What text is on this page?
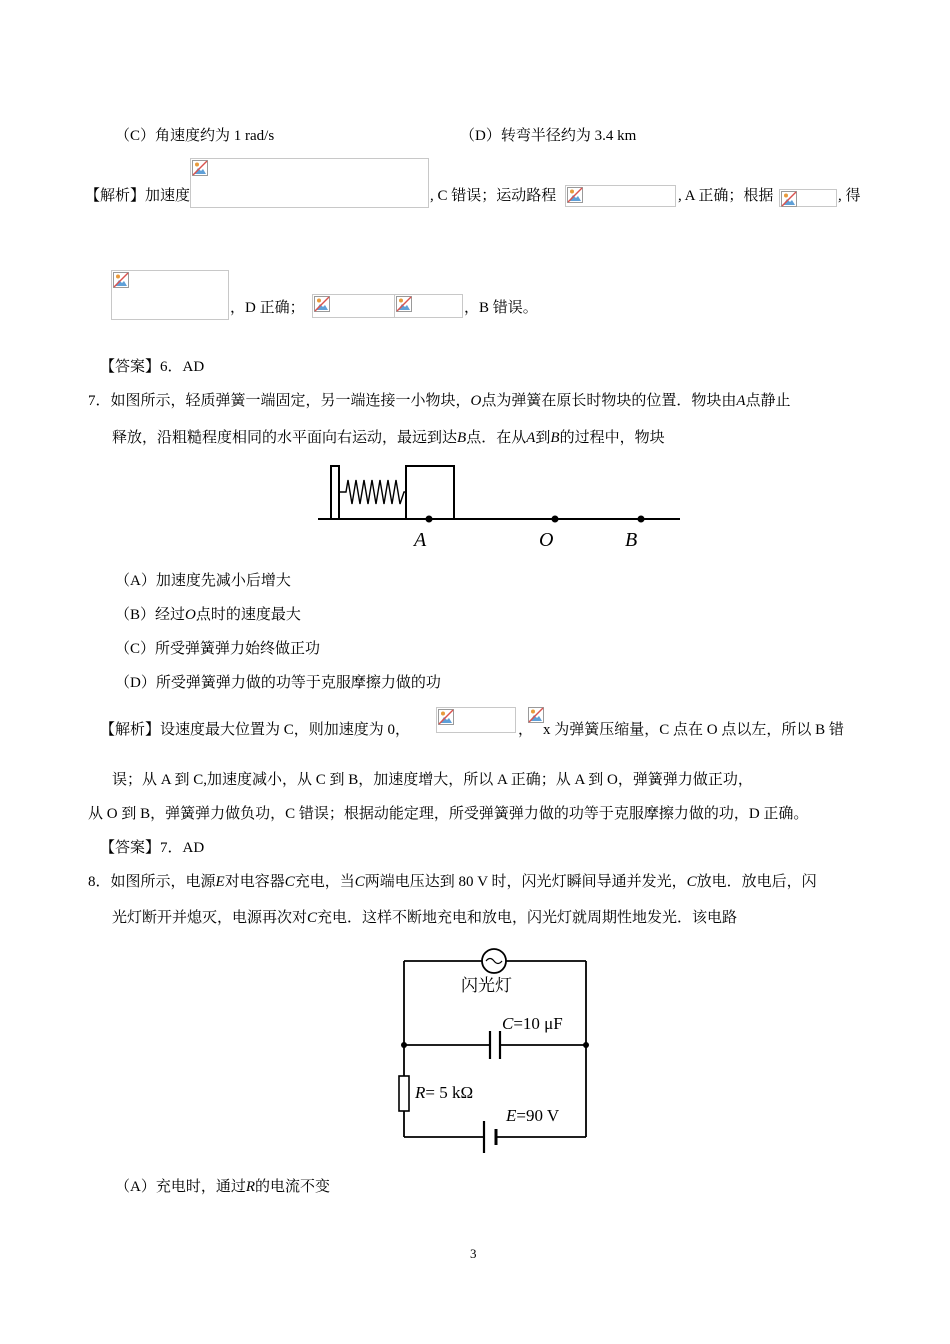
（C）角速度约为 1 rad/s	（D）转弯半径约为 3.4 km
【解析】加速度	, C 错误；运动路程	, A 正确；根据	, 得
，D 正确；	，B 错误。
【答案】6．AD
7．如图所示，轻质弹簧一端固定，另一端连接一小物块，O点为弹簧在原长时物块的位置．物块由A点静止
释放，沿粗糙程度相同的水平面向右运动，最远到达B点．在从A到B的过程中，物块
A	O	B
（A）加速度先减小后增大
（B）经过O点时的速度最大
（C）所受弹簧弹力始终做正功
（D）所受弹簧弹力做的功等于克服摩擦力做的功
【解析】设速度最大位置为 C，则加速度为 0，	， x 为弹簧压缩量，C 点在 O 点以左，所以 B 错
误；从 A 到 C,加速度减小，从 C 到 B，加速度增大，所以 A 正确；从 A 到 O，弹簧弹力做正功，
从 O 到 B，弹簧弹力做负功，C 错误；根据动能定理，所受弹簧弹力做的功等于克服摩擦力做的功，D 正确。
【答案】7．AD
8．如图所示，电源E对电容器C充电，当C两端电压达到 80 V 时，闪光灯瞬间导通并发光，C放电．放电后，闪
光灯断开并熄灭，电源再次对C充电．这样不断地充电和放电，闪光灯就周期性地发光．该电路
闪光灯
C=10 μF
R= 5 kΩ
E=90 V
（A）充电时，通过R的电流不变
3
